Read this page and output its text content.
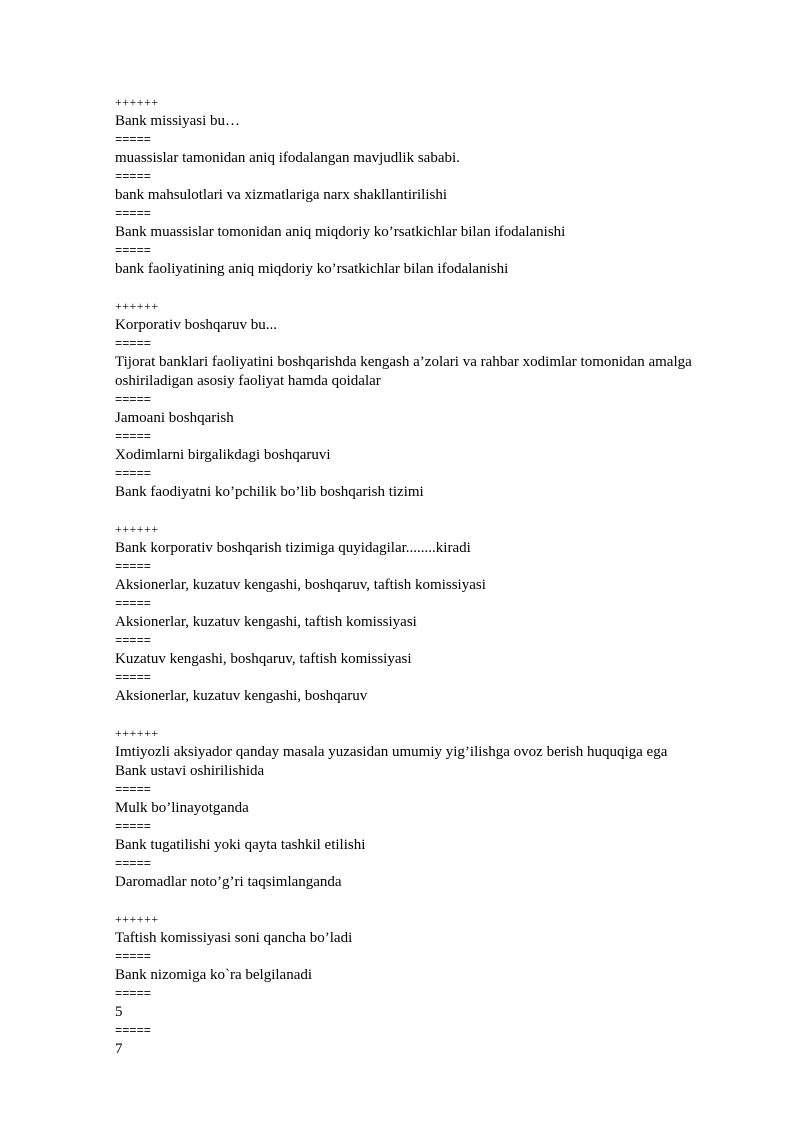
++++++
Bank missiyasi bu…
=====
muassislar tamonidan aniq ifodalangan mavjudlik sababi.
=====
bank mahsulotlari va xizmatlariga narx shakllantirilishi
=====
Bank muassislar tomonidan aniq miqdoriy ko’rsatkichlar bilan ifodalanishi
=====
bank faoliyatining aniq miqdoriy ko’rsatkichlar bilan ifodalanishi
++++++
Korporativ boshqaruv bu...
=====
Tijorat banklari faoliyatini boshqarishda kengash a’zolari va rahbar xodimlar tomonidan amalga
oshiriladigan asosiy faoliyat hamda qoidalar
=====
Jamoani boshqarish
=====
Xodimlarni birgalikdagi boshqaruvi
=====
Bank faodiyatni ko’pchilik bo’lib boshqarish tizimi
++++++
Bank korporativ boshqarish tizimiga quyidagilar........kiradi
=====
Aksionerlar, kuzatuv kengashi, boshqaruv, taftish komissiyasi
=====
Aksionerlar, kuzatuv kengashi, taftish komissiyasi
=====
Kuzatuv kengashi, boshqaruv, taftish komissiyasi
=====
Aksionerlar, kuzatuv kengashi, boshqaruv
++++++
Imtiyozli aksiyador qanday masala yuzasidan umumiy yig’ilishga ovoz berish huquqiga ega
Bank ustavi oshirilishida
=====
Mulk bo’linayotganda
=====
Bank tugatilishi yoki qayta tashkil etilishi
=====
Daromadlar noto’g’ri taqsimlanganda
++++++
Taftish komissiyasi soni qancha bo’ladi
=====
Bank nizomiga ko`ra belgilanadi
=====
5
=====
7
